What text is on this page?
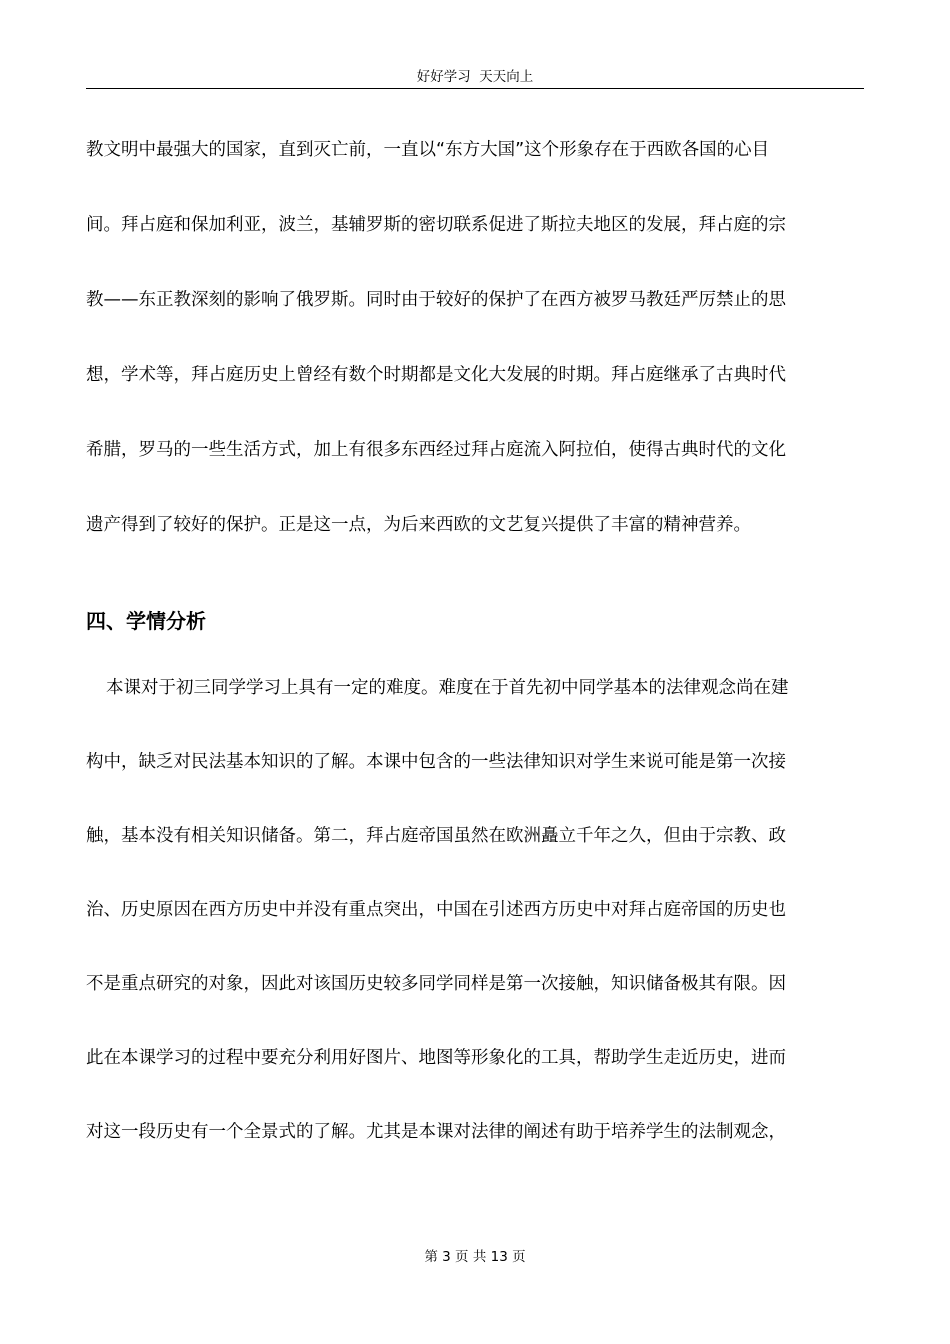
好好学习  天天向上
教文明中最强大的国家，直到灭亡前，一直以“东方大国”这个形象存在于西欧各国的心目
间。拜占庭和保加利亚，波兰，基辅罗斯的密切联系促进了斯拉夫地区的发展，拜占庭的宗
教——东正教深刻的影响了俄罗斯。同时由于较好的保护了在西方被罗马教廷严厉禁止的思
想，学术等，拜占庭历史上曾经有数个时期都是文化大发展的时期。拜占庭继承了古典时代
希腊，罗马的一些生活方式，加上有很多东西经过拜占庭流入阿拉伯，使得古典时代的文化
遗产得到了较好的保护。正是这一点，为后来西欧的文艺复兴提供了丰富的精神营养。
四、学情分析
本课对于初三同学学习上具有一定的难度。难度在于首先初中同学基本的法律观念尚在建
构中，缺乏对民法基本知识的了解。本课中包含的一些法律知识对学生来说可能是第一次接
触，基本没有相关知识储备。第二，拜占庭帝国虽然在欧洲矗立千年之久，但由于宗教、政
治、历史原因在西方历史中并没有重点突出，中国在引述西方历史中对拜占庭帝国的历史也
不是重点研究的对象，因此对该国历史较多同学同样是第一次接触，知识储备极其有限。因
此在本课学习的过程中要充分利用好图片、地图等形象化的工具，帮助学生走近历史，进而
对这一段历史有一个全景式的了解。尤其是本课对法律的阐述有助于培养学生的法制观念，
第 3 页 共 13 页
